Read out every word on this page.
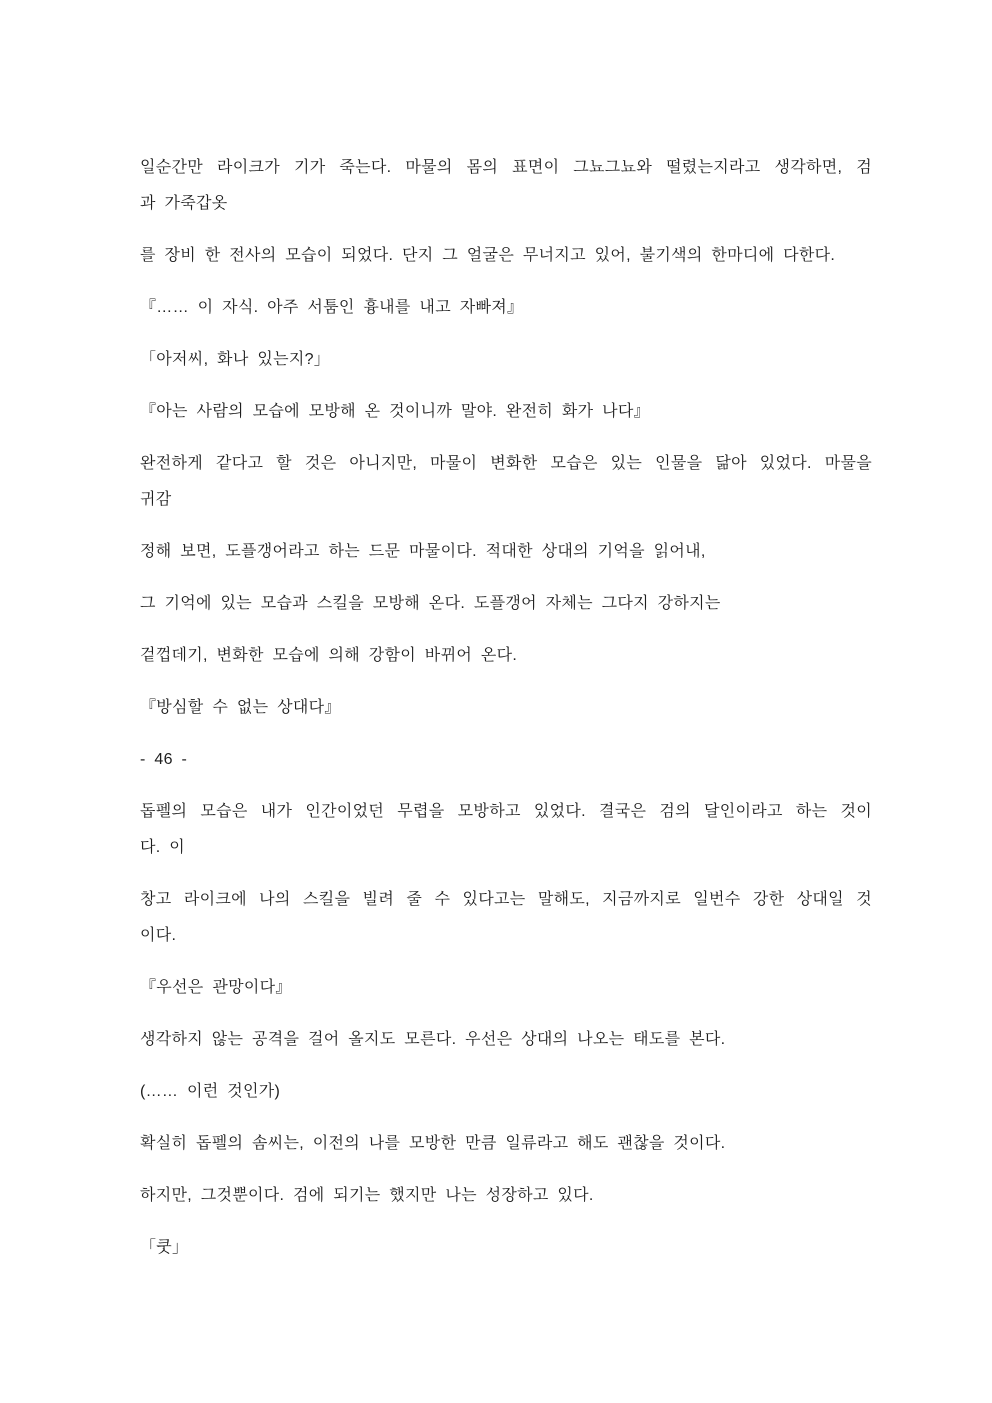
일순간만 라이크가 기가 죽는다. 마물의 몸의 표면이 그뇨그뇨와 떨렸는지라고 생각하면, 검
과 가죽갑옷
를 장비 한 전사의 모습이 되었다. 단지 그 얼굴은 무너지고 있어, 불기색의 한마디에 다한다.
『…… 이 자식. 아주 서툼인 흉내를 내고 자빠져』
「아저씨, 화나 있는지?」
『아는 사람의 모습에 모방해 온 것이니까 말야. 완전히 화가 나다』
완전하게 같다고 할 것은 아니지만, 마물이 변화한 모습은 있는 인물을 닮아 있었다. 마물을
귀감
정해 보면, 도플갱어라고 하는 드문 마물이다. 적대한 상대의 기억을 읽어내,
그 기억에 있는 모습과 스킬을 모방해 온다. 도플갱어 자체는 그다지 강하지는
겉껍데기, 변화한 모습에 의해 강함이 바뀌어 온다.
『방심할 수 없는 상대다』
- 46 -
돕펠의 모습은 내가 인간이었던 무렵을 모방하고 있었다. 결국은 검의 달인이라고 하는 것이
다. 이
창고 라이크에 나의 스킬을 빌려 줄 수 있다고는 말해도, 지금까지로 일번수 강한 상대일 것
이다.
『우선은 관망이다』
생각하지 않는 공격을 걸어 올지도 모른다. 우선은 상대의 나오는 태도를 본다.
(…… 이런 것인가)
확실히 돕펠의 솜씨는, 이전의 나를 모방한 만큼 일류라고 해도 괜찮을 것이다.
하지만, 그것뿐이다. 검에 되기는 했지만 나는 성장하고 있다.
「쿳」
